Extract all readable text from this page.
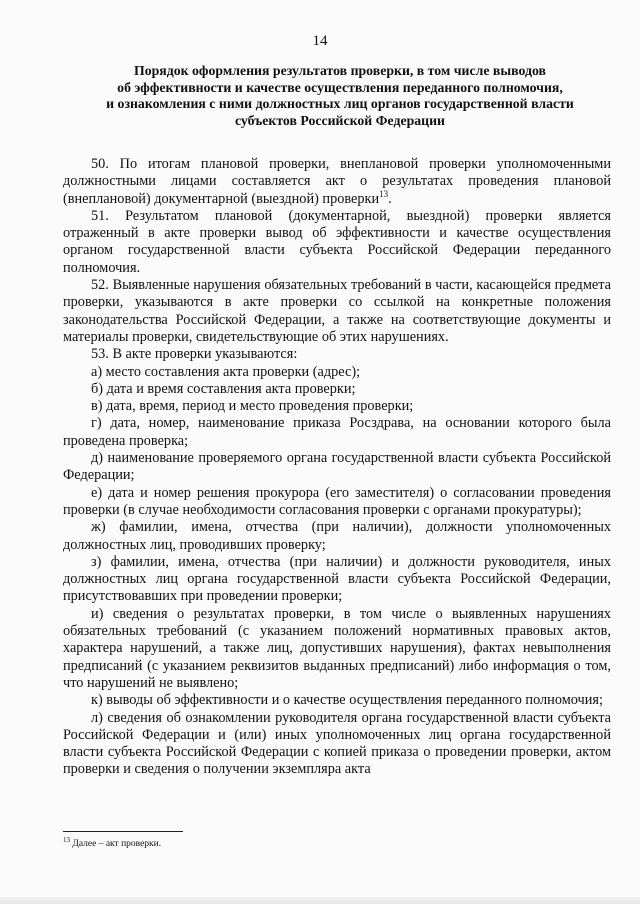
14
Порядок оформления результатов проверки, в том числе выводов
об эффективности и качестве осуществления переданного полномочия,
и ознакомления с ними должностных лиц органов государственной власти
субъектов Российской Федерации

50. По итогам плановой проверки, внеплановой проверки уполномоченными должностными лицами составляется акт о результатах проведения плановой (внеплановой) документарной (выездной) проверки$^{13}$.

51. Результатом плановой (документарной, выездной) проверки является отраженный в акте проверки вывод об эффективности и качестве осуществления органом государственной власти субъекта Российской Федерации переданного полномочия.

52. Выявленные нарушения обязательных требований в части, касающейся предмета проверки, указываются в акте проверки со ссылкой на конкретные положения законодательства Российской Федерации, а также на соответствующие документы и материалы проверки, свидетельствующие об этих нарушениях.

53. В акте проверки указываются:

а) место составления акта проверки (адрес);

б) дата и время составления акта проверки;

в) дата, время, период и место проведения проверки;

г) дата, номер, наименование приказа Росздрава, на основании которого была проведена проверка;

д) наименование проверяемого органа государственной власти субъекта Российской Федерации;

е) дата и номер решения прокурора (его заместителя) о согласовании проведения проверки (в случае необходимости согласования проверки с органами прокуратуры);

ж) фамилии, имена, отчества (при наличии), должности уполномоченных должностных лиц, проводивших проверку;

з) фамилии, имена, отчества (при наличии) и должности руководителя, иных должностных лиц органа государственной власти субъекта Российской Федерации, присутствовавших при проведении проверки;

и) сведения о результатах проверки, в том числе о выявленных нарушениях обязательных требований (с указанием положений нормативных правовых актов, характера нарушений, а также лиц, допустивших нарушения), фактах невыполнения предписаний (с указанием реквизитов выданных предписаний) либо информация о том, что нарушений не выявлено;

к) выводы об эффективности и о качестве осуществления переданного полномочия;

л) сведения об ознакомлении руководителя органа государственной власти субъекта Российской Федерации и (или) иных уполномоченных лиц органа государственной власти субъекта Российской Федерации с копией приказа о проведении проверки, актом проверки и сведения о получении экземпляра акта

$^{13}$ Далее – акт проверки.
